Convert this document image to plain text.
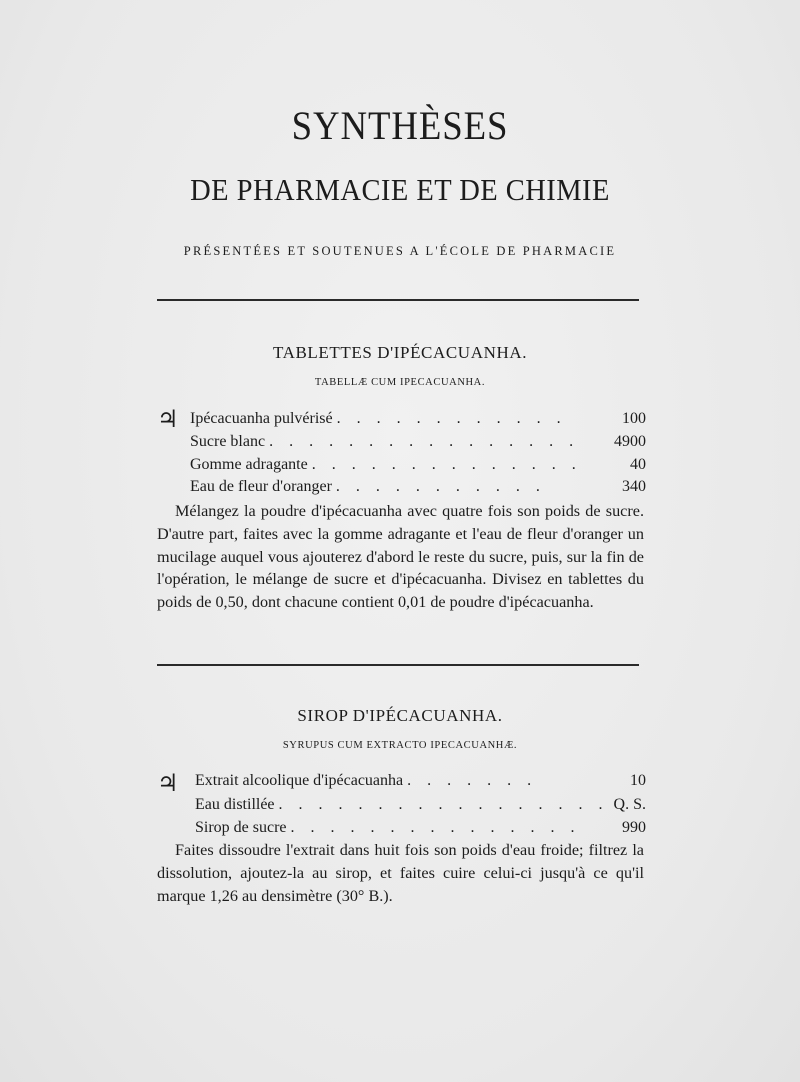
SYNTHÈSES
DE PHARMACIE ET DE CHIMIE
PRÉSENTÉES ET SOUTENUES A L'ÉCOLE DE PHARMACIE
TABLETTES D'IPÉCACUANHA.
TABELLÆ CUM IPECACUANHA.
♃ Ipécacuanha pulvérisé . . . . . . . . . . . .	100
Sucre blanc . . . . . . . . . . . . . . . .	4900
Gomme adragante . . . . . . . . . . . . . .	40
Eau de fleur d'oranger . . . . . . . . . . .	340

Mélangez la poudre d'ipécacuanha avec quatre fois son poids de sucre. D'autre part, faites avec la gomme adragante et l'eau de fleur d'oranger un mucilage auquel vous ajouterez d'abord le reste du sucre, puis, sur la fin de l'opération, le mélange de sucre et d'ipécacuanha. Divisez en tablettes du poids de 0,50, dont chacune contient 0,01 de poudre d'ipécacuanha.

SIROP D'IPÉCACUANHA.
SYRUPUS CUM EXTRACTO IPECACUANHÆ.
♃ Extrait alcoolique d'ipécacuanha . . . . . . .	10
Eau distillée . . . . . . . . . . . . . . . . . Q. S.
Sirop de sucre . . . . . . . . . . . . . . .	990

Faites dissoudre l'extrait dans huit fois son poids d'eau froide; filtrez la dissolution, ajoutez-la au sirop, et faites cuire celui-ci jusqu'à ce qu'il marque 1,26 au densimètre (30° B.).
